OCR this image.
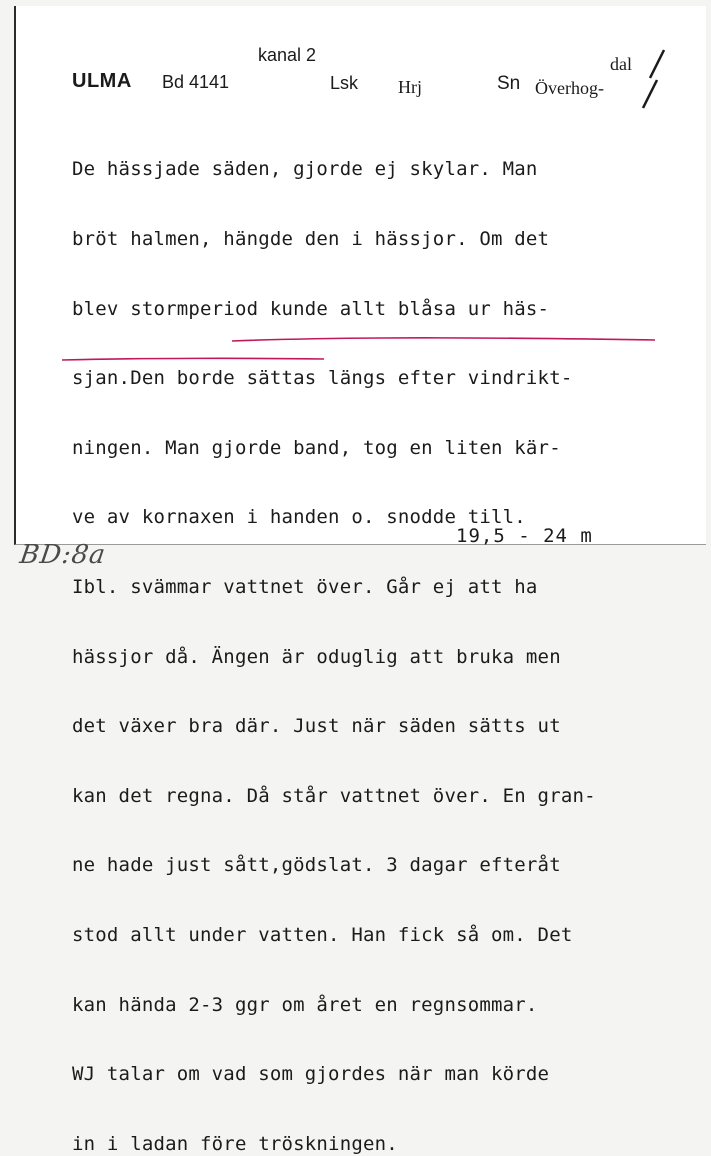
kanal 2
ULMA Bd 4141	Lsk Hrj	Sn Överhog-
dal

De hässjade säden, gjorde ej skylar. Man

bröt halmen, hängde den i hässjor. Om det

blev stormperiod kunde allt blåsa ur häs-

sjan.Den borde sättas längs efter vindrikt-

ningen. Man gjorde band, tog en liten kär-

ve av kornaxen i handen o. snodde till.

Ibl. svämmar vattnet över. Går ej att ha

hässjor då. Ängen är oduglig att bruka men

det växer bra där. Just när säden sätts ut

kan det regna. Då står vattnet över. En gran-

ne hade just sått,gödslat. 3 dagar efteråt

stod allt under vatten. Han fick så om. Det

kan hända 2-3 ggr om året en regnsommar.

WJ talar om vad som gjordes när man körde

in i ladan före tröskningen.

19,5 - 24 m
BD:8a
